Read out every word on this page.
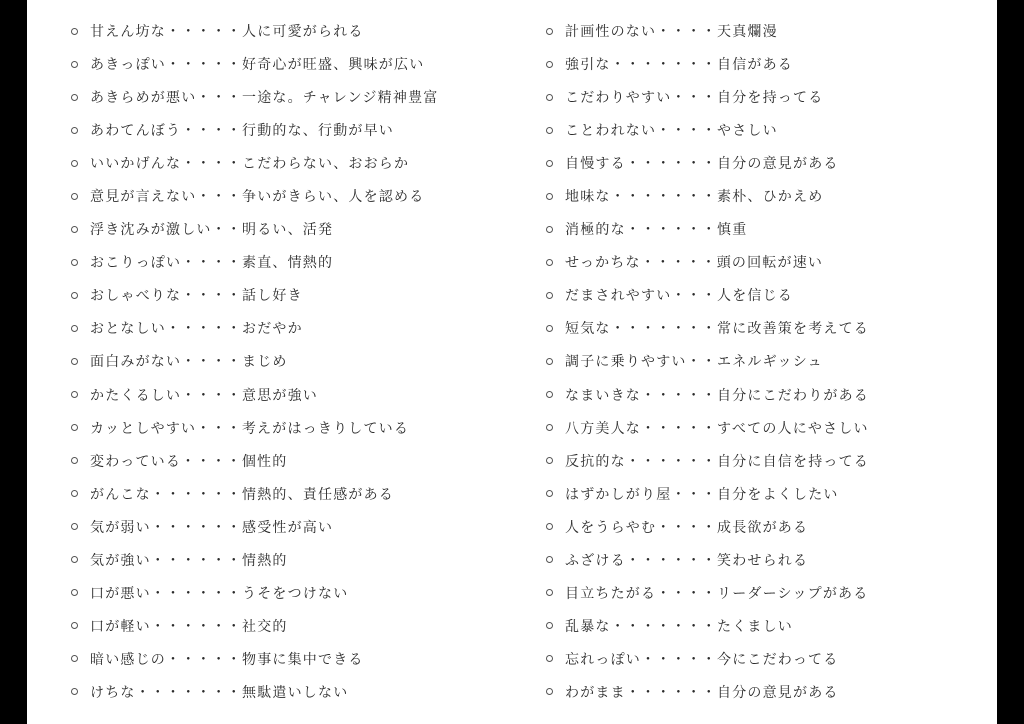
甘えん坊な・・・・・人に可愛がられる
あきっぽい・・・・・好奇心が旺盛、興味が広い
あきらめが悪い・・・一途な。チャレンジ精神豊富
あわてんぼう・・・・行動的な、行動が早い
いいかげんな・・・・こだわらない、おおらか
意見が言えない・・・争いがきらい、人を認める
浮き沈みが激しい・・明るい、活発
おこりっぽい・・・・素直、情熱的
おしゃべりな・・・・話し好き
おとなしい・・・・・おだやか
面白みがない・・・・まじめ
かたくるしい・・・・意思が強い
カッとしやすい・・・考えがはっきりしている
変わっている・・・・個性的
がんこな・・・・・・情熱的、責任感がある
気が弱い・・・・・・感受性が高い
気が強い・・・・・・情熱的
口が悪い・・・・・・うそをつけない
口が軽い・・・・・・社交的
暗い感じの・・・・・物事に集中できる
けちな・・・・・・・無駄遣いしない
計画性のない・・・・天真爛漫
強引な・・・・・・・自信がある
こだわりやすい・・・自分を持ってる
ことわれない・・・・やさしい
自慢する・・・・・・自分の意見がある
地味な・・・・・・・素朴、ひかえめ
消極的な・・・・・・慎重
せっかちな・・・・・頭の回転が速い
だまされやすい・・・人を信じる
短気な・・・・・・・常に改善策を考えてる
調子に乗りやすい・・エネルギッシュ
なまいきな・・・・・自分にこだわりがある
八方美人な・・・・・すべての人にやさしい
反抗的な・・・・・・自分に自信を持ってる
はずかしがり屋・・・自分をよくしたい
人をうらやむ・・・・成長欲がある
ふざける・・・・・・笑わせられる
目立ちたがる・・・・リーダーシップがある
乱暴な・・・・・・・たくましい
忘れっぽい・・・・・今にこだわってる
わがまま・・・・・・自分の意見がある
